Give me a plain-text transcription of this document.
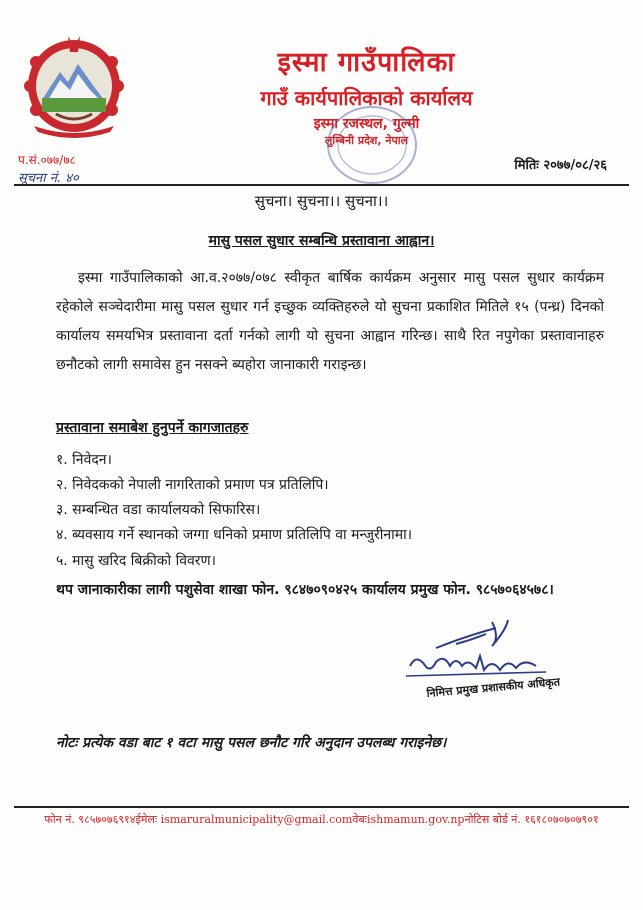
इस्मा गाउँपालिका
गाउँ कार्यपालिकाको कार्यालय
इस्मा रजस्थल, गुल्मी
लुम्बिनी प्रदेश, नेपाल
प.सं.०७७/७८
सूचना नं. ४०
मितिः २०७७/०८/२६
सुचना। सुचना।। सुचना।।
मासु पसल सुधार सम्बन्धि प्रस्तावाना आह्वान।
इस्मा गाउँपालिकाको आ.व.२०७७/०७८ स्वीकृत बार्षिक कार्यक्रम अनुसार मासु पसल सुधार कार्यक्रम रहेकोले सञ्चेदारीमा मासु पसल सुधार गर्न इच्छुक व्यक्तिहरुले यो सुचना प्रकाशित मितिले १५ (पन्ध्र) दिनको कार्यालय समयभित्र प्रस्तावाना दर्ता गर्नको लागी यो सुचना आह्वान गरिन्छ। साथै रित नपुगेका प्रस्तावानाहरु छनौटको लागी समावेस हुन नसक्ने ब्यहोरा जानाकारी गराइन्छ।
प्रस्तावाना समाबेश हुनुपर्ने कागजातहरु
१. निवेदन।
२. निवेदकको नेपाली नागरिताको प्रमाण पत्र प्रतिलिपि।
३. सम्बन्धित वडा कार्यालयको सिफारिस।
४. ब्यवसाय गर्ने स्थानको जग्गा धनिको प्रमाण प्रतिलिपि वा मन्जुरीनामा।
५. मासु खरिद बिक्रीको विवरण।
थप जानाकारीका लागी पशुसेवा शाखा फोन. ९८४७०९०४२५ कार्यालय प्रमुख फोन. ९८५७०६४५७८।
निमित्त प्रमुख प्रशासकीय अधिकृत
नोटः प्रत्येक वडा बाट १ वटा मासु पसल छनौट गरि अनुदान उपलब्ध गराइनेछ।
फोन नं. ९८५७०७६९१४ईमेलः ismaruralmunicipality@gmail.comवेबःishmamun.gov.npनोटिस बोर्ड नं. १६१८०७०७०७९०१
